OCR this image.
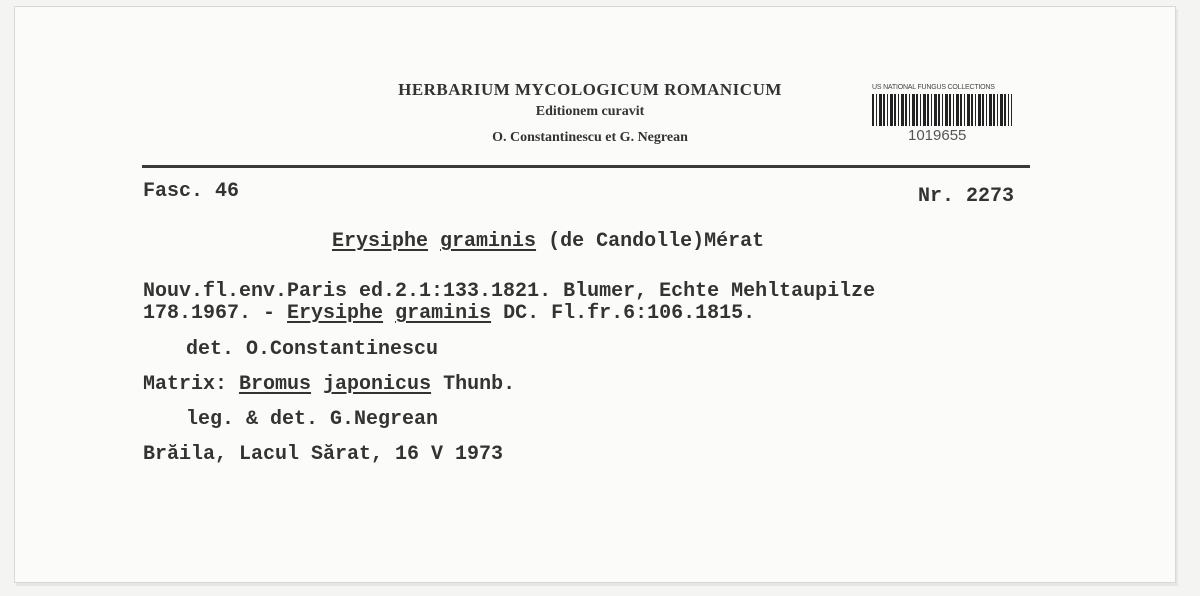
HERBARIUM MYCOLOGICUM ROMANICUM
Editionem curavit
O. Constantinescu et G. Negrean
US NATIONAL FUNGUS COLLECTIONS
1019655
Fasc. 46	Nr. 2273
Erysiphe graminis (de Candolle)Mérat
Nouv.fl.env.Paris ed.2.1:133.1821. Blumer, Echte Mehltaupilze
178.1967. - Erysiphe graminis DC. Fl.fr.6:106.1815.
det. O.Constantinescu
Matrix: Bromus japonicus Thunb.
leg. & det. G.Negrean
Brăila, Lacul Sărat, 16 V 1973
